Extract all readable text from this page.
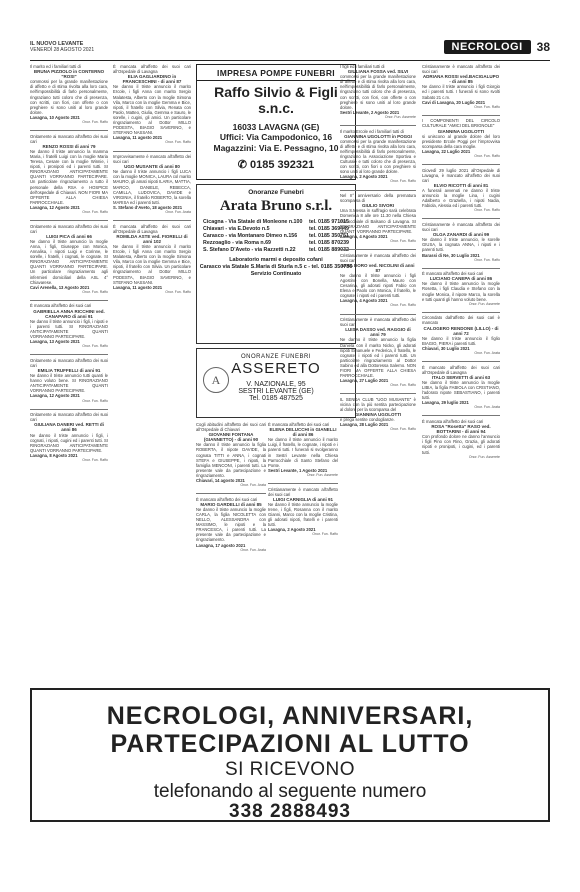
IL NUOVO LEVANTE
VENERDÌ 28 AGOSTO 2021	NECROLOGI	38
Il marito ed i familiari tutti di
BRUNA PIZZIOLO in CONTERNO "ROSI"
commossi per la grande manifestazione di affetto e di stima rivolta alla loro cara, nell'impossibilità di farlo personalmente, ringraziano tutti coloro che di presenza, con scritti, con fiori, con offerte o con preghiere si sono uniti al loro grande dolore.
Lavagna, 10 Agosto 2021
Onor. Fun. Raffo
Onitamente ai mancato all'affetto dei suoi cari
RENZO ROSSI di anni 79
Ne danno il triste annuncio la mamma Maria, i fratelli Luigi con la moglie Maria Teresa, Cesare con la moglie Winnie, i nipoti, i pronipoti ed i parenti tutti. SI RINGRAZIANO ANTICIPATAMENTE QUANTI VORRANNO PARTECIPARE. Un particolare ringraziamento a tutto il personale della RSA e HOSPICE dell'ospedale di Chiavari. NON FIORI MA OFFERTE ALLA CHIESA PARROCCHIALE.
Lavagna, 12 Agosto 2021
Onor. Fun. Raffo
Onitamente ai mancato all'affetto dei suoi cari
LUIGI PICA di anni 66
Ne danno il triste annuncio la moglie Anna, i figli, Giuseppe con Monica, Annalisa, i nipoti Luigi e Corinne, le sorelle, i fratelli, i cognati, le cognate. SI RINGRAZIANO ANTICIPATAMENTE QUANTI VORRANNO PARTECIPARE. Un particolare ringraziamento agli infermieri domiciliari della ASL 4° Chiavarese.
Cavi Arenella, 13 Agosto 2021
Onor. Fun. Raffo
È mancata all'affetto dei suoi cari
GABRIELLA ANNA RICCHINI ved. CANAPARO di anni 91
Ne danno il triste annuncio i figli, i nipoti e i parenti tutti. SI RINGRAZIANO ANTICIPATAMENTE QUANTI VORRANNO PARTECIPARE.
Lavagna, 13 Agosto 2021
Onor. Fun. Raffo
Onitamente ai mancato all'affetto dei suoi cari
EMILIA TRUFFELLI di anni 91
Ne danno il triste annuncio tutti quanti le hanno voluto bene. SI RINGRAZIANO ANTICIPATAMENTE QUANTI VORRANNO PARTECIPARE.
Lavagna, 12 Agosto 2021
Onor. Fun. Raffo
Onitamente ai mancato all'affetto dei suoi cari
GIULIANA DANERI ved. RETTI di anni 86
Ne danno il triste annuncio i figli, i cognati, i nipoti, cugini ed i parenti tutti. SI RINGRAZIANO ANTICIPATAMENTE QUANTI VORRANNO PARTECIPARE.
Lavagna, 8 Agosto 2021
Onor. Fun. Raffo
È mancata all'affetto dei suoi cari all'Ospedale di Lavagna
ELIA GAGLIARDINO in FRANCESCHINI - di anni 87
Ne danno il triste annuncio il marito Ercole, i figli Anna con marito Sergio Malatesta, Alberto con la moglie Simona Vila, Marco con la moglie Gemma e Bice, nipoti, il fratello con Silvia, Renata con Paolo, Matteo, Giulia, Gemma e Sauro, le sorelle, i cugini, gli amici. Un particolare ringraziamento al Dottor MILLO PODESTA, BIAGIO SAVERINO, e STEFANO NASSANI.
Lavagna, 11 agosto 2021
Onor. Fun. Raffo
Improvvisamente è mancato all'affetto dei suoi cari
UGO MUSANTE di anni 80
Ne danno il triste annuncio i figli LUCA con la moglie MONICA, LAURA col marito MAURO, gli amati nipoti ILARIA, MATTIA, MARCO, DANIELE, REBECCA, CAMILLA, LUDOVICA, DAVIDE e VIRGINIA, il fratello ROBERTO, la sorella MARISA ed i parenti tutti.
S. Stefano d'Aveto, 18 agosto 2021
Onor. Fun. Arata
È mancata all'affetto dei suoi cari all'Ospedale di Lavagna
ROMILDA ASTE ved. FIORELLI di anni 102
Ne danno il triste annuncio il marito Ercole, i figli Anna con marito Sergio Malatesta, Alberto con la moglie Simona Vila, Marco con la moglie Gemma e Bice, nipoti, il fratello con Silvia. Un particolare ringraziamento al Dottor MILLO PODESTA, BIAGIO SAVERINO, e STEFANO NASSANI.
Lavagna, 11 agosto 2021
Onor. Fun. Raffo
IMPRESA POMPE FUNEBRI
Raffo Silvio & Figli s.n.c.
16033 LAVAGNA (GE)
Uffici: Via Campodonico, 16
Magazzini: Via E. Pessagno, 10
✆ 0185 392321
Onoranze Funebri
Arata Bruno s.r.l.
Cicagna - Via Statale di Monleone n.100 tel. 0185 971015
Chiavari - via E.Devoto n.5	tel. 0185 369449
Carasco - via Montanaro Dimeo n.156 tel. 0185 350751
Rezzoaglio - via Roma n.69	tel. 0185 870239
S. Stefano D'Aveto - via Razzetti n.22	tel. 0185 889032
Laboratorio marmi e deposito cofani
Carasco via Statale S.Maria di Sturla n.5 c - tel. 0185 350736
Servizio Continuato
A
ONORANZE FUNEBRI
ASSERETO
V. NAZIONALE, 95
SESTRI LEVANTE (GE)
Tel. 0185 487525
Cogli abitudini all'affetto dei suoi cari all'Ospedale di Chiavari
GIOVANNI FONTANA (GIANNETTO) - di anni 90
Ne danno il triste annuncio la figlia ROBERTA, il nipote DAVIDE, la cognata TITTI e ANNA, i cognati STEFA e GIUSEPPE, i nipoti, la famiglia MENCONI, i parenti tutti. La presente vale da partecipazione e ringraziamento.
Chiavari, 14 agosto 2021
Onor. Fun. Arata
È mancato all'affetto dei suoi cari
MARIO GARDELLI di anni 85
Ne danno il triste annuncio la moglie CARLA, la figlia NICOLETTA con NELLO, ALESSANDRA con MASSIMO, le nipoti e la FRANCESCA, i parenti tutti. La presente vale da partecipazione e ringraziamento.
Lavagna, 17 agosto 2021
Onor. Fun. Arata
È mancata all'affetto dei suoi cari
ELENA DELUCCHI in GIANELLI di anni 86
Ne danno il triste annuncio il marito Luigi, il fratello, le cognate, i nipoti e i parenti tutti. I funerali si svolgeranno in Sestri Levante nella Chiesa Parrocchiale di Santo Stefano del Ponte.
Sestri Levante, 1 Agosto 2021
Onor. Fun. Asserete
Cristianamente è mancato all'affetto dei suoi cari
LUIGI CARNIGLIA di anni 91
Ne danno il triste annuncio la moglie Irene, i figli, Rosanna con il marito Gianni, Marco con la moglie Cristina, gli adorati nipoti, fratelli e i parenti tutti.
Lavagna, 2 Agosto 2021
Onor. Fun. Raffo
I figli ed i familiari tutti di
GIULIANA FOSSA ved. SILVI
commossi per la grande manifestazione di affetto e di stima rivolta alla loro cara, nell'impossibilità di farlo personalmente, ringraziano tutti coloro che di presenza, con scritti, con fiori, con offerte o con preghiere si sono uniti al loro grande dolore.
Sestri Levante, 2 Agosto 2021
Onor. Fun. Asserete
Il marito Ercole ed i familiari tutti di
GIANNINA UGOLOTTI in POGGI
commossi per la grande manifestazione di affetto e di stima rivolta alla loro cara, nell'impossibilità di farlo personalmente, ringraziano la Associazione Sportiva e Culturale e tutti coloro che di presenza, con scritti, con fiori o con preghiere si sono uniti al loro grande dolore.
Lavagna, 2 Agosto 2021
Onor. Fun. Raffo
Nel II° anniversario della prematura scomparsa di
GIULIO SIVORI
Una S.Messa in suffragio sarà celebrata Domenica 8 alle ore 11.30 nella Chiesa Parrocchiale di Balsano di Lavagna. SI RINGRAZIANO ANTICIPATAMENTE QUANTI VORRANNO PARTECIPARE.
Lavagna, 4 Agosto 2021
Onor. Fun. Raffo
Cristianamente è mancata all'affetto dei suoi cari
MIRA DORO ved. NICOLINI di anni 87
Ne danno il triste annuncio i figli Agostino con Bonella, Mauro con Cesarina, gli adorati nipoti Fabio con Elena e Paolo con Monica, il fratello, le cognate, i nipoti ed i parenti tutti.
Lavagna, 4 Agosto 2021
Onor. Fun. Raffo
Cristianamente è mancata all'affetto dei suoi cari
LUISA DASSO ved. RAGGIO di anni 79
Ne danno il triste annuncio la figlia Daniela con il marito Nicko, gli adorati nipoti Emanuele e Federica, il fratello, le cognate, i nipoti ed i parenti tutti. Un particolare ringraziamento al Dottor Sabino ed alla Dottoressa Salerno. NON FIORI MA OFFERTE ALLA CHIESA PARROCCHIALE.
Lavagna, 27 Luglio 2021
Onor. Fun. Raffo
IL SENDA CLUB "UGO MUSANTE" è vicina con la più sentita partecipazione al dolore per la scomparsa del
GIANNINA UGOLOTTI
e prega sentite condoglianze.
Lavagna, 28 Luglio 2021
Onor. Fun. Raffo
Cristianamente è mancato all'affetto dei suoi cari
ADRIANA ROSSI ved.BACIGALUPO - di anni 85
Ne danno il triste annuncio i figli Giorgio ed i parenti tutti. I funerali si sono svolti Sabato 21 c.m.
Cavi di Lavagna, 20 Luglio 2021
Onor. Fun. Raffo
I COMPONENTI DEL CIRCOLO CULTURALE "AMICI DEL BRIGNOLE"
GIANNINA UGOLOTTI
si uniscono al grande dolore del loro presidente Ercole Poggi per l'improvvisa scomparsa della cara moglie.
Lavagna, 22 Luglio 2021
Onor. Fun. Raffo
Giovedì 29 luglio 2021 all'Ospedale di Lavagna, è mancato all'affetto dei suoi cari
ELVIO RICOTTI di anni 81
A funerali avvenuti ne danno il triste annuncio la moglie Lina, i cugini Adalberto e Graziella, i nipoti Nadia, Fabiola, Alessia ed i parenti tutti.
Onor. Fun. Raffo
Cristianamente è mancata all'affetto dei suoi cari
OLGA ZANARDI di anni 99
Ne danno il triste annuncio, le sorelle GIUSA, la cognata ANNA, i nipoti e i parenti tutti.
Barassi di Ne, 30 Luglio 2021
Onor. Fun. Raffo
È mancato all'affetto dei suoi cari
LUCIANO CANEPA di anni 86
Ne danno il triste annuncio la moglie Rosetta, i figli Claudia e Stefano con la moglie Monica, il nipote Marco, la sorella e tutti quanti gli hanno voluto bene.
Onor. Fun. Asserete
Circondato dall'affetto dei suoi cari è mancato
CALOGERO RENDONE (LILLO) - di anni 72
Ne danno il triste annuncio il figlio BIAGIO, PIERA i parenti tutti.
Chiavari, 30 Luglio 2021
Onor. Fun. Arata
È mancato all'affetto dei suoi cari all'Ospedale di Lavagna
ITALO SERVETTI di anni 63
Ne danno il triste annuncio la moglie LIBIA, la figlia FABIOLA con CRISTIANO, l'adorato nipote SEBASTIANO, i parenti tutti.
Lavagna, 29 luglio 2021
Onor. Fun. Arata
È mancata all'affetto dei suoi cari
ROSA "Rosetta" RASO ved. BOTTARINI - di anni 94
Con profondo dolore ne danno l'annuncio i figli Pino con Rino, Grazia, gli adorati nipoti e pronipoti, i cugini, ed i parenti tutti.
Onor. Fun. Asserete
NECROLOGI, ANNIVERSARI,
PARTECIPAZIONI AL LUTTO
SI RICEVONO
telefonando al seguente numero
338 2888493
